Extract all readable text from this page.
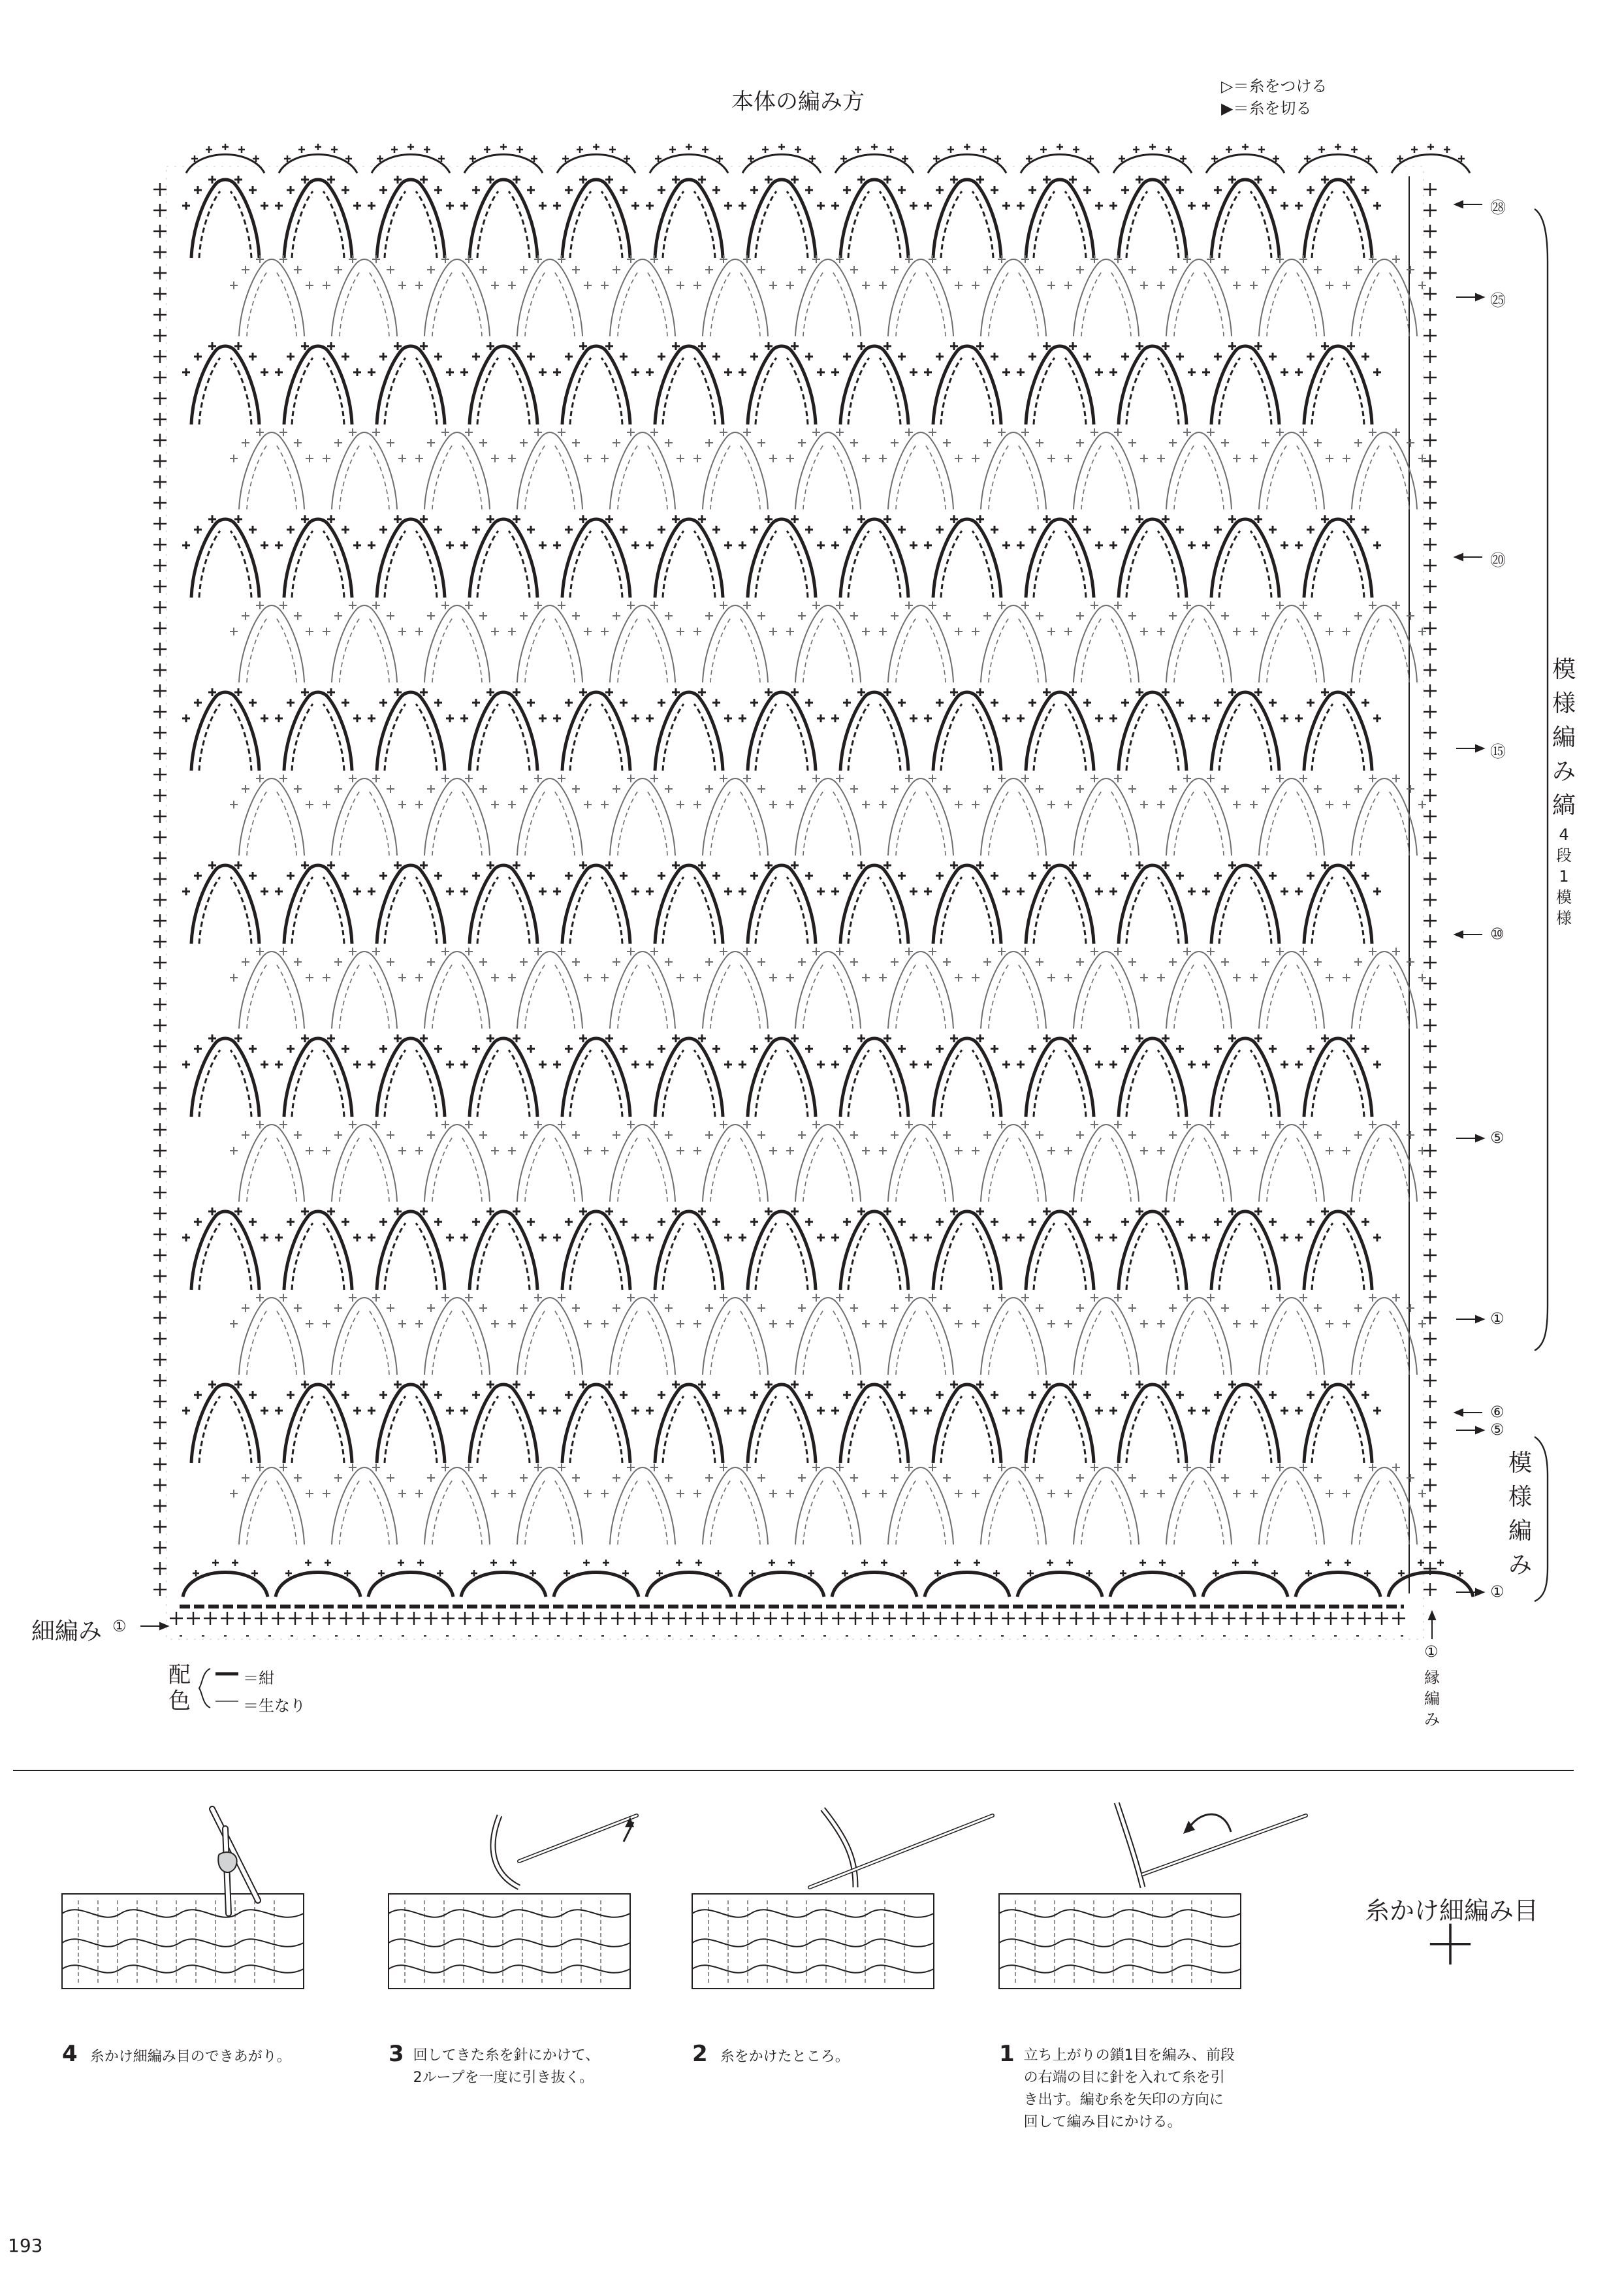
本体の編み方
▷＝糸をつける
▶＝糸を切る
㉘
㉕
⑳
⑮
⑩
⑤
①
⑥
⑤
①
細編み ①
①
縁
編
み
模
様
編
み
縞
4
段
1
模
様
模
様
編
み
配
色
＝紺
＝生なり
糸かけ細編み目
＋
4 糸かけ細編み目のできあがり。	3 回してきた糸を針にかけて、
2ループを一度に引き抜く。
2 糸をかけたところ。	1 立ち上がりの鎖1目を編み、前段
の右端の目に針を入れて糸を引
き出す。編む糸を矢印の方向に
回して編み目にかける。
193
